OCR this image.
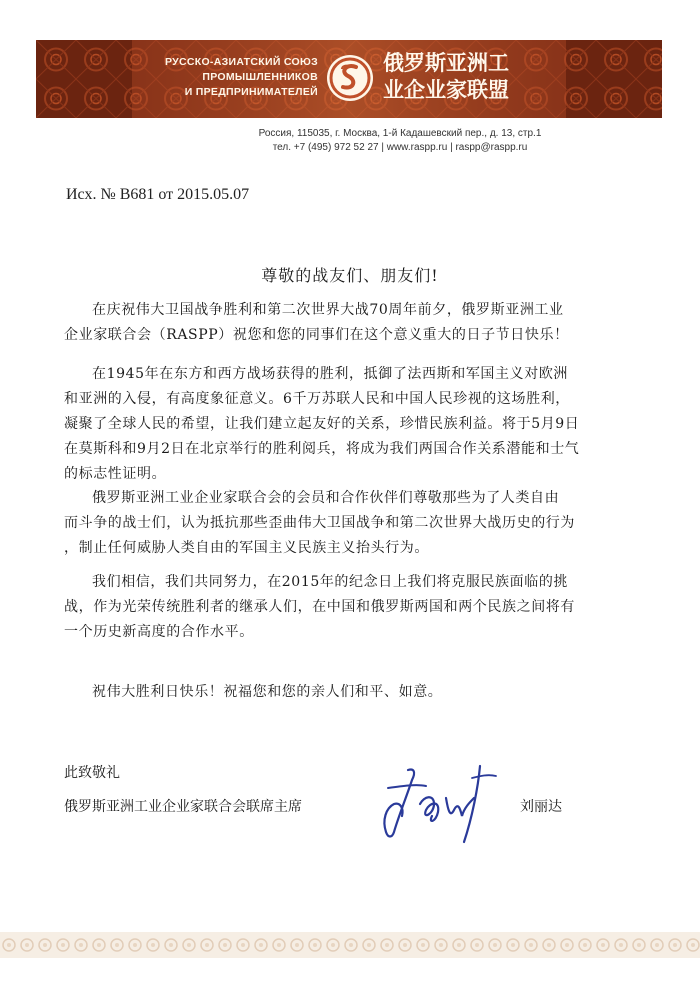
РУССКО-АЗИАТСКИЙ СОЮЗ
ПРОМЫШЛЕННИКОВ
И ПРЕДПРИНИМАТЕЛЕЙ
俄罗斯亚洲工
业企业家联盟
Россия, 115035, г. Москва, 1-й Кадашевский пер., д. 13, стр.1
тел. +7 (495) 972 52 27 | www.raspp.ru | raspp@raspp.ru
Исх. № В681 от 2015.05.07
尊敬的战友们、朋友们!
在庆祝伟大卫国战争胜利和第二次世界大战70周年前夕，俄罗斯亚洲工业
企业家联合会（RASPP）祝您和您的同事们在这个意义重大的日子节日快乐！
在1945年在东方和西方战场获得的胜利，抵御了法西斯和军国主义对欧洲
和亚洲的入侵，有高度象征意义。6千万苏联人民和中国人民珍视的这场胜利，
凝聚了全球人民的希望，让我们建立起友好的关系，珍惜民族利益。将于5月9日
在莫斯科和9月2日在北京举行的胜利阅兵，将成为我们两国合作关系潜能和士气
的标志性证明。
俄罗斯亚洲工业企业家联合会的会员和合作伙伴们尊敬那些为了人类自由
而斗争的战士们，认为抵抗那些歪曲伟大卫国战争和第二次世界大战历史的行为
，制止任何威胁人类自由的军国主义民族主义抬头行为。
我们相信，我们共同努力，在2015年的纪念日上我们将克服民族面临的挑
战，作为光荣传统胜利者的继承人们，在中国和俄罗斯两国和两个民族之间将有
一个历史新高度的合作水平。
祝伟大胜利日快乐！祝福您和您的亲人们和平、如意。
此致敬礼
俄罗斯亚洲工业企业家联合会联席主席	刘丽达
